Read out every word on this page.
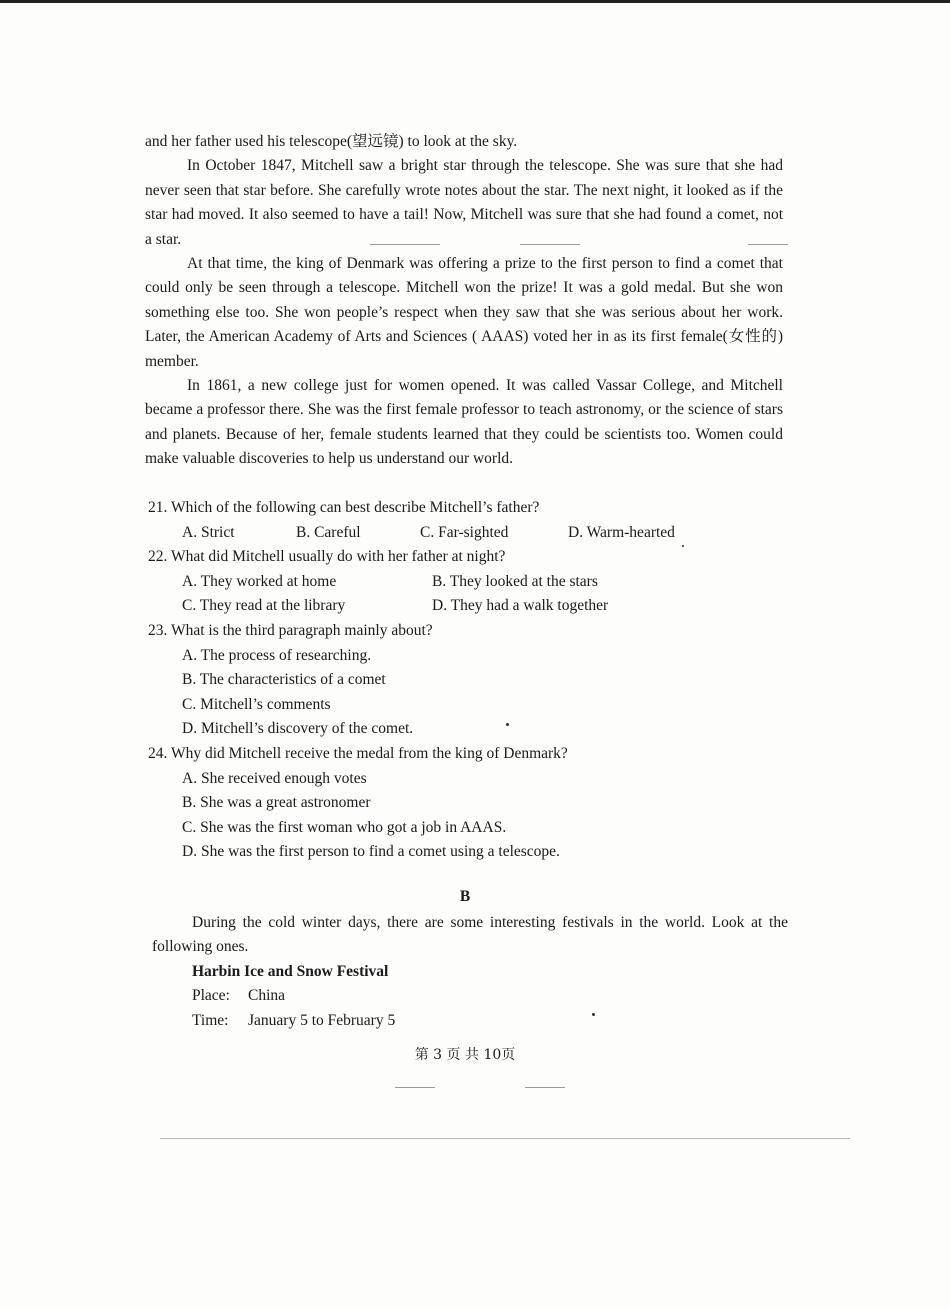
and her father used his telescope(望远镜) to look at the sky.

In October 1847, Mitchell saw a bright star through the telescope. She was sure that she had never seen that star before. She carefully wrote notes about the star. The next night, it looked as if the star had moved. It also seemed to have a tail! Now, Mitchell was sure that she had found a comet, not a star.

At that time, the king of Denmark was offering a prize to the first person to find a comet that could only be seen through a telescope. Mitchell won the prize! It was a gold medal. But she won something else too. She won people’s respect when they saw that she was serious about her work. Later, the American Academy of Arts and Sciences ( AAAS) voted her in as its first female(女性的) member.

In 1861, a new college just for women opened. It was called Vassar College, and Mitchell became a professor there. She was the first female professor to teach astronomy, or the science of stars and planets. Because of her, female students learned that they could be scientists too. Women could make valuable discoveries to help us understand our world.

21. Which of the following can best describe Mitchell’s father?
A. Strict	B. Careful	C. Far-sighted	D. Warm-hearted
22. What did Mitchell usually do with her father at night?
A. They worked at home	B. They looked at the stars
C. They read at the library	D. They had a walk together
23. What is the third paragraph mainly about?
A. The process of researching.
B. The characteristics of a comet
C. Mitchell’s comments
D. Mitchell’s discovery of the comet.
24. Why did Mitchell receive the medal from the king of Denmark?
A. She received enough votes
B. She was a great astronomer
C. She was the first woman who got a job in AAAS.
D. She was the first person to find a comet using a telescope.
B

During the cold winter days, there are some interesting festivals in the world. Look at the following ones.

Harbin Ice and Snow Festival
Place:	China
Time:	January 5 to February 5
第 3 页 共 10页
